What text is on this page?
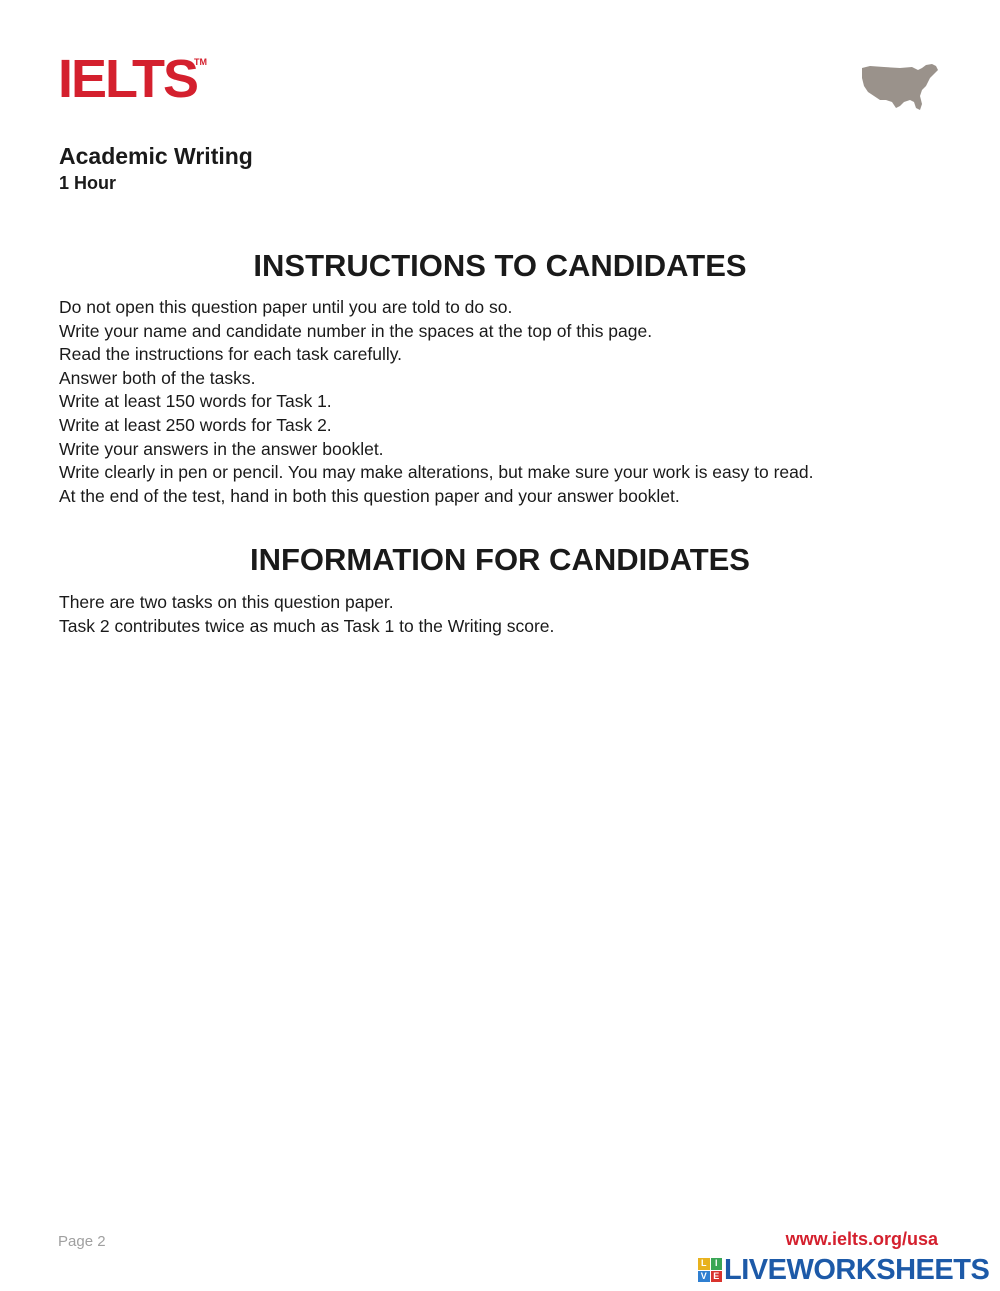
IELTS
TM
Academic Writing
1 Hour
INSTRUCTIONS TO CANDIDATES
Do not open this question paper until you are told to do so.
Write your name and candidate number in the spaces at the top of this page.
Read the instructions for each task carefully.
Answer both of the tasks.
Write at least 150 words for Task 1.
Write at least 250 words for Task 2.
Write your answers in the answer booklet.
Write clearly in pen or pencil. You may make alterations, but make sure your work is easy to read.
At the end of the test, hand in both this question paper and your answer booklet.
INFORMATION FOR CANDIDATES
There are two tasks on this question paper.
Task 2 contributes twice as much as Task 1 to the Writing score.
Page 2	www.ielts.org/usa
L I
V E LIVEWORKSHEETS
